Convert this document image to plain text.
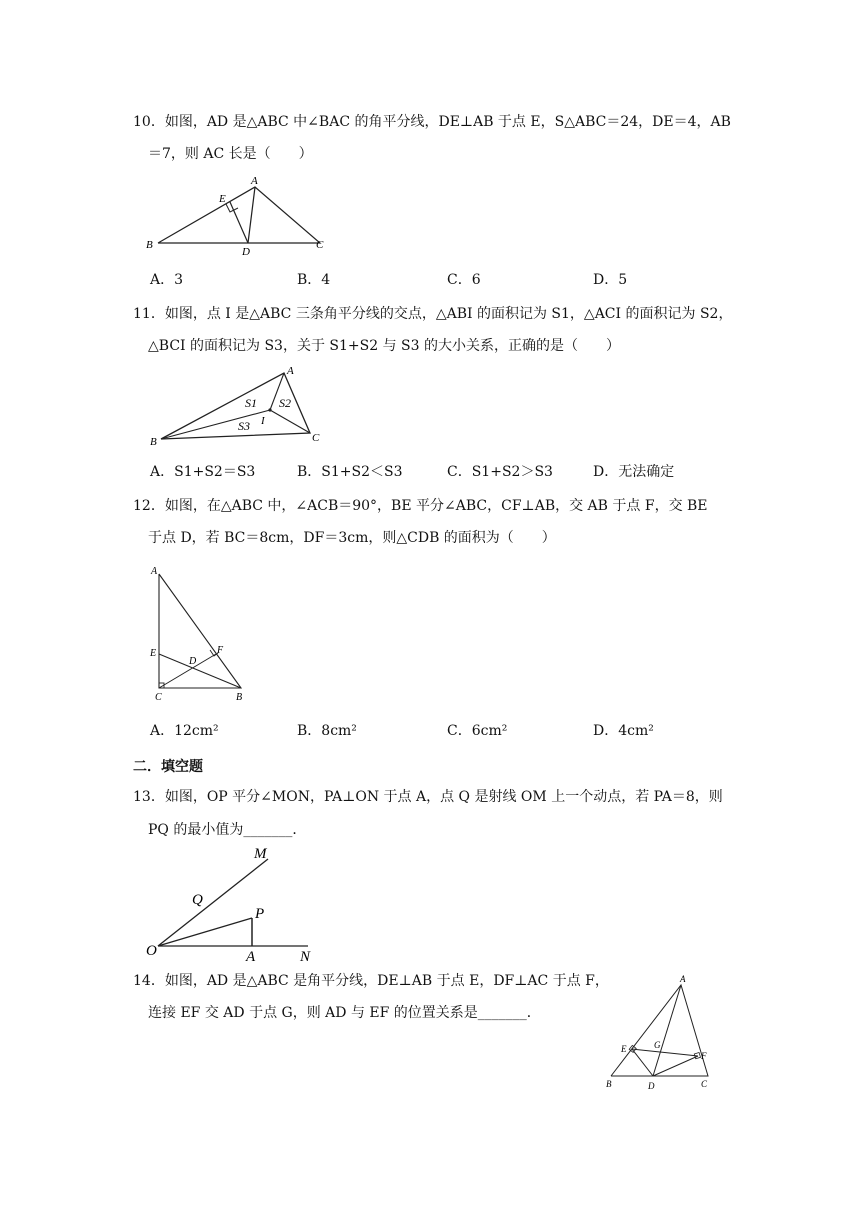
10．如图，AD 是△ABC 中∠BAC 的角平分线，DE⊥AB 于点 E，S△ABC＝24，DE＝4，AB
＝7，则 AC 长是（　　）
A
B	C
D
E
A．3	B．4	C．6	D．5
11．如图，点 I 是△ABC 三条角平分线的交点，△ABI 的面积记为 S1，△ACI 的面积记为 S2，
△BCI 的面积记为 S3，关于 S1+S2 与 S3 的大小关系，正确的是（　　）
A
B	C
I
S1 S2
S3
A．S1+S2＝S3	B．S1+S2＜S3	C．S1+S2＞S3	D．无法确定
12．如图，在△ABC 中，∠ACB＝90°，BE 平分∠ABC，CF⊥AB，交 AB 于点 F，交 BE
于点 D，若 BC＝8cm，DF＝3cm，则△CDB 的面积为（　　）
A
B
C
D
E	F
A．12cm²	B．8cm²	C．6cm²	D．4cm²
二．填空题
13．如图，OP 平分∠MON，PA⊥ON 于点 A，点 Q 是射线 OM 上一个动点，若 PA＝8，则
PQ 的最小值为_______．
M
Q
P
O	A	N
14．如图，AD 是△ABC 是角平分线，DE⊥AB 于点 E，DF⊥AC 于点 F，
连接 EF 交 AD 于点 G，则 AD 与 EF 的位置关系是_______．
A
B	C
D
E
F
G
